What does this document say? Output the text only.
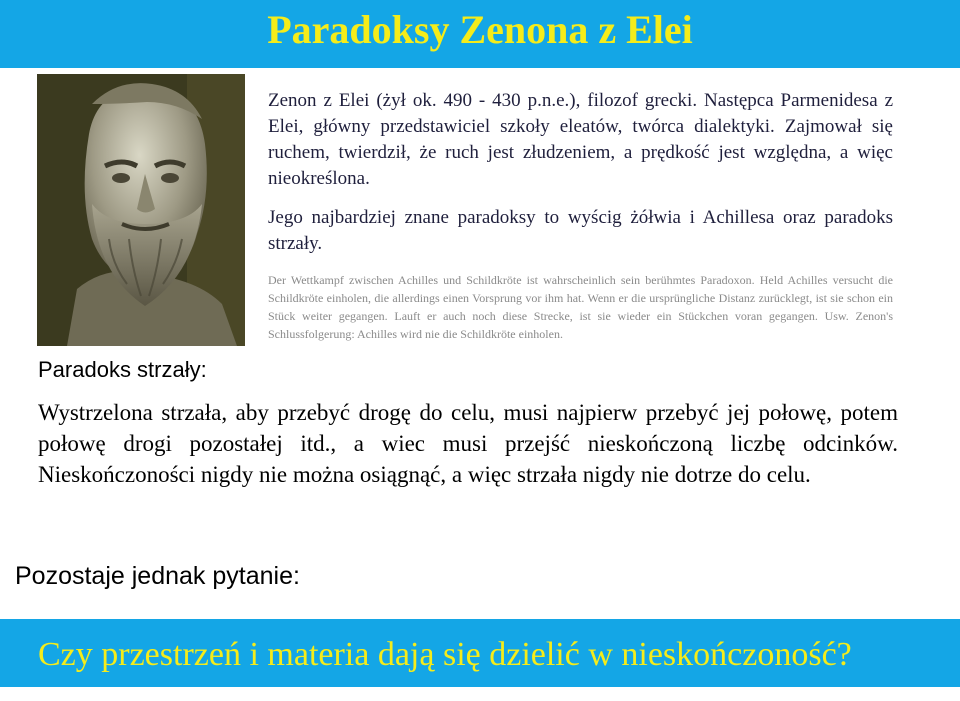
Paradoksy Zenona z Elei

Zenon z Elei (żył ok. 490 - 430 p.n.e.), filozof grecki. Następca Parmenidesa z Elei, główny przedstawiciel szkoły eleatów, twórca dialektyki. Zajmował się ruchem, twierdził, że ruch jest złudzeniem, a prędkość jest względna, a więc nieokreślona.

Jego najbardziej znane paradoksy to wyścig żółwia i Achillesa oraz paradoks strzały.

Der Wettkampf zwischen Achilles und Schildkröte ist wahrscheinlich sein berühmtes Paradoxon. Held Achilles versucht die Schildkröte einholen, die allerdings einen Vorsprung vor ihm hat. Wenn er die ursprüngliche Distanz zurücklegt, ist sie schon ein Stück weiter gegangen. Lauft er auch noch diese Strecke, ist sie wieder ein Stückchen voran gegangen. Usw. Zenon's Schlussfolgerung: Achilles wird nie die Schildkröte einholen.
Paradoks strzały:
Wystrzelona strzała, aby przebyć drogę do celu, musi najpierw przebyć jej połowę, potem połowę drogi pozostałej itd., a wiec musi przejść nieskończoną liczbę odcinków. Nieskończoności nigdy nie można osiągnąć, a więc strzała nigdy nie dotrze do celu.
Pozostaje jednak pytanie:
Czy przestrzeń i materia dają się dzielić w nieskończoność?
